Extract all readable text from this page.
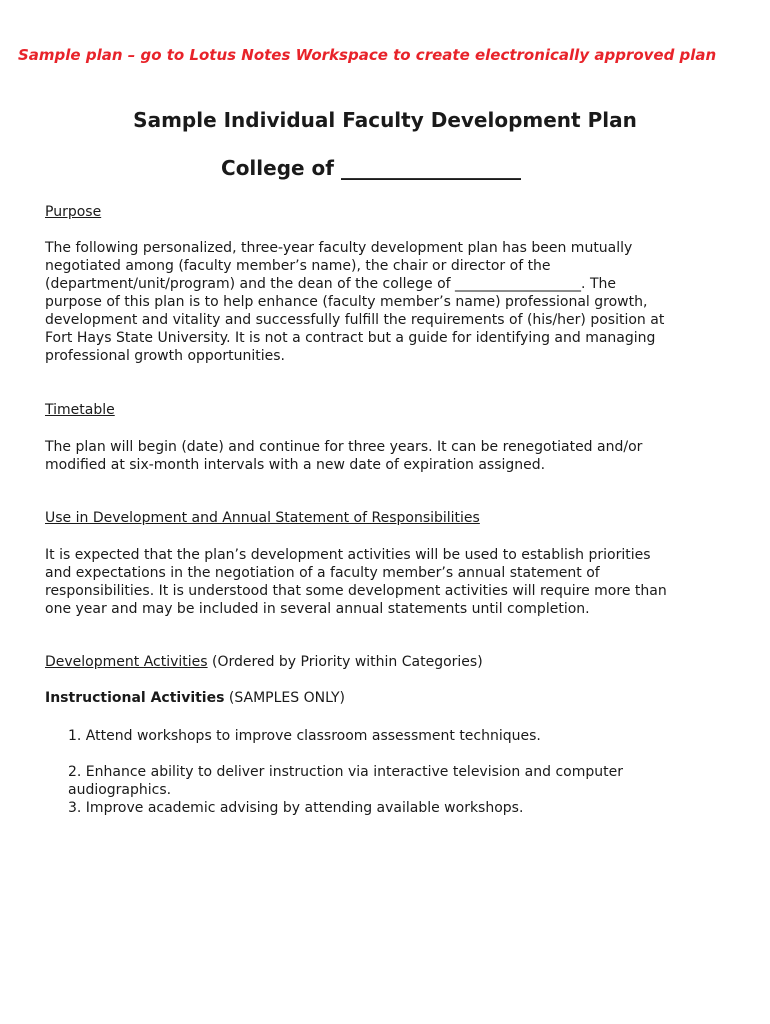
Sample plan – go to Lotus Notes Workspace to create electronically approved plan
Sample Individual Faculty Development Plan
College of __________________
Purpose
The following personalized, three-year faculty development plan has been mutually
negotiated among (faculty member’s name), the chair or director of the
(department/unit/program) and the dean of the college of __________________. The
purpose of this plan is to help enhance (faculty member’s name) professional growth,
development and vitality and successfully fulfill the requirements of (his/her) position at
Fort Hays State University. It is not a contract but a guide for identifying and managing
professional growth opportunities.
Timetable
The plan will begin (date) and continue for three years. It can be renegotiated and/or
modified at six-month intervals with a new date of expiration assigned.
Use in Development and Annual Statement of Responsibilities
It is expected that the plan’s development activities will be used to establish priorities
and expectations in the negotiation of a faculty member’s annual statement of
responsibilities. It is understood that some development activities will require more than
one year and may be included in several annual statements until completion.
Development Activities (Ordered by Priority within Categories)
Instructional Activities (SAMPLES ONLY)
1. Attend workshops to improve classroom assessment techniques.
2. Enhance ability to deliver instruction via interactive television and computer
audiographics.
3. Improve academic advising by attending available workshops.
